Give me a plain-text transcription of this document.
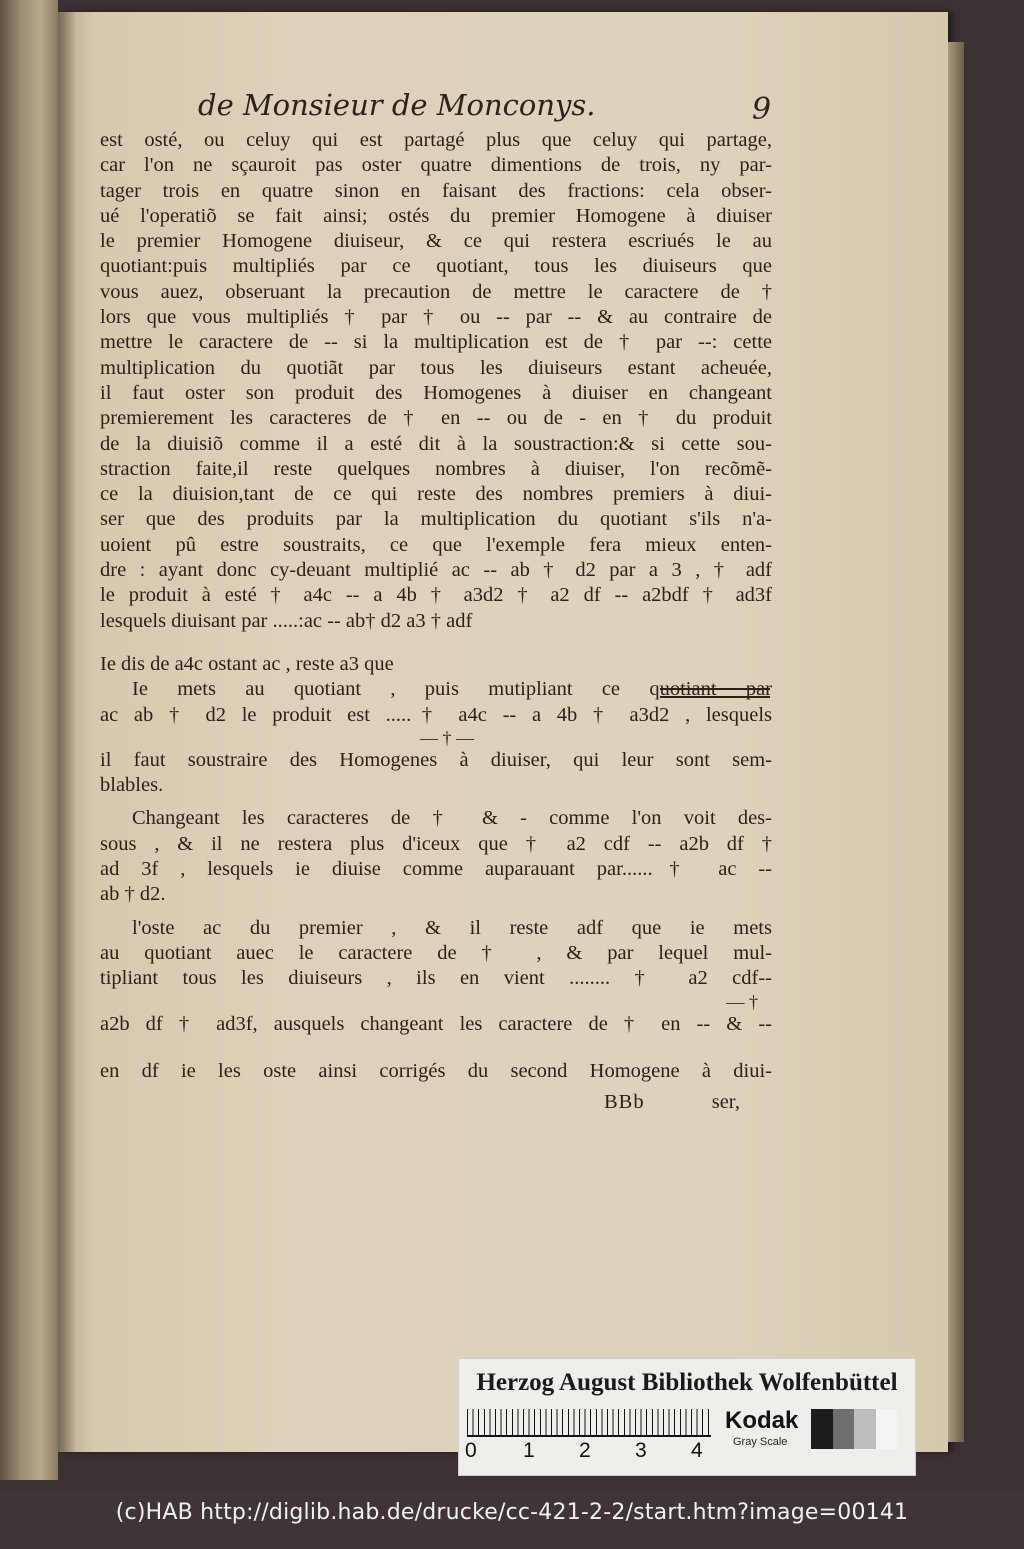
de Monsieur de Monconys.	9
est osté, ou celuy qui est partagé plus que celuy qui partage,
car l'on ne sçauroit pas oster quatre dimentions de trois, ny par-
tager trois en quatre sinon en faisant des fractions: cela obser-
ué l'operatiõ se fait ainsi; ostés du premier Homogene à diuiser
le premier Homogene diuiseur, & ce qui restera escriués le au
quotiant:puis multipliés par ce quotiant, tous les diuiseurs que
vous auez, obseruant la precaution de mettre le caractere de †
lors que vous multipliés † par † ou -- par -- & au contraire de
mettre le caractere de -- si la multiplication est de † par --: cette
multiplication du quotiãt par tous les diuiseurs estant acheuée,
il faut oster son produit des Homogenes à diuiser en changeant
premierement les caracteres de † en -- ou de - en † du produit
de la diuisiõ comme il a esté dit à la soustraction:& si cette sou-
straction faite,il reste quelques nombres à diuiser, l'on recõmẽ-
ce la diuision,tant de ce qui reste des nombres premiers à diui-
ser que des produits par la multiplication du quotiant s'ils n'a-
uoient pû estre soustraits, ce que l'exemple fera mieux enten-
dre : ayant donc cy-deuant multiplié ac -- ab † d2 par a 3 , † adf
le produit à esté † a4c -- a 4b † a3d2 † a2 df -- a2bdf † ad3f
lesquels diuisant par .....:ac -- ab† d2 a3 † adf
Ie dis de a4c ostant ac , reste a3 que
Ie mets au quotiant , puis mutipliant ce quotiant par
ac ab † d2 le produit est .....† a4c -- a 4b † a3d2 , lesquels
— † —
il faut soustraire des Homogenes à diuiser, qui leur sont sem-
blables.
Changeant les caracteres de † & - comme l'on voit des-
sous , & il ne restera plus d'iceux que † a2 cdf -- a2b df †
ad 3f , lesquels ie diuise comme auparauant par......† ac --
ab † d2.
l'oste ac du premier , & il reste adf que ie mets
au quotiant auec le caractere de † , & par lequel mul-
tipliant tous les diuiseurs , ils en vient ........ † a2 cdf--
— †
a2b df † ad3f, ausquels changeant les caractere de † en -- & --
en df ie les oste ainsi corrigés du second Homogene à diui-
BBb	ser,
Herzog August Bibliothek Wolfenbüttel
0 1 2 3 4
Kodak
Gray Scale
(c)HAB http://diglib.hab.de/drucke/cc-421-2-2/start.htm?image=00141
